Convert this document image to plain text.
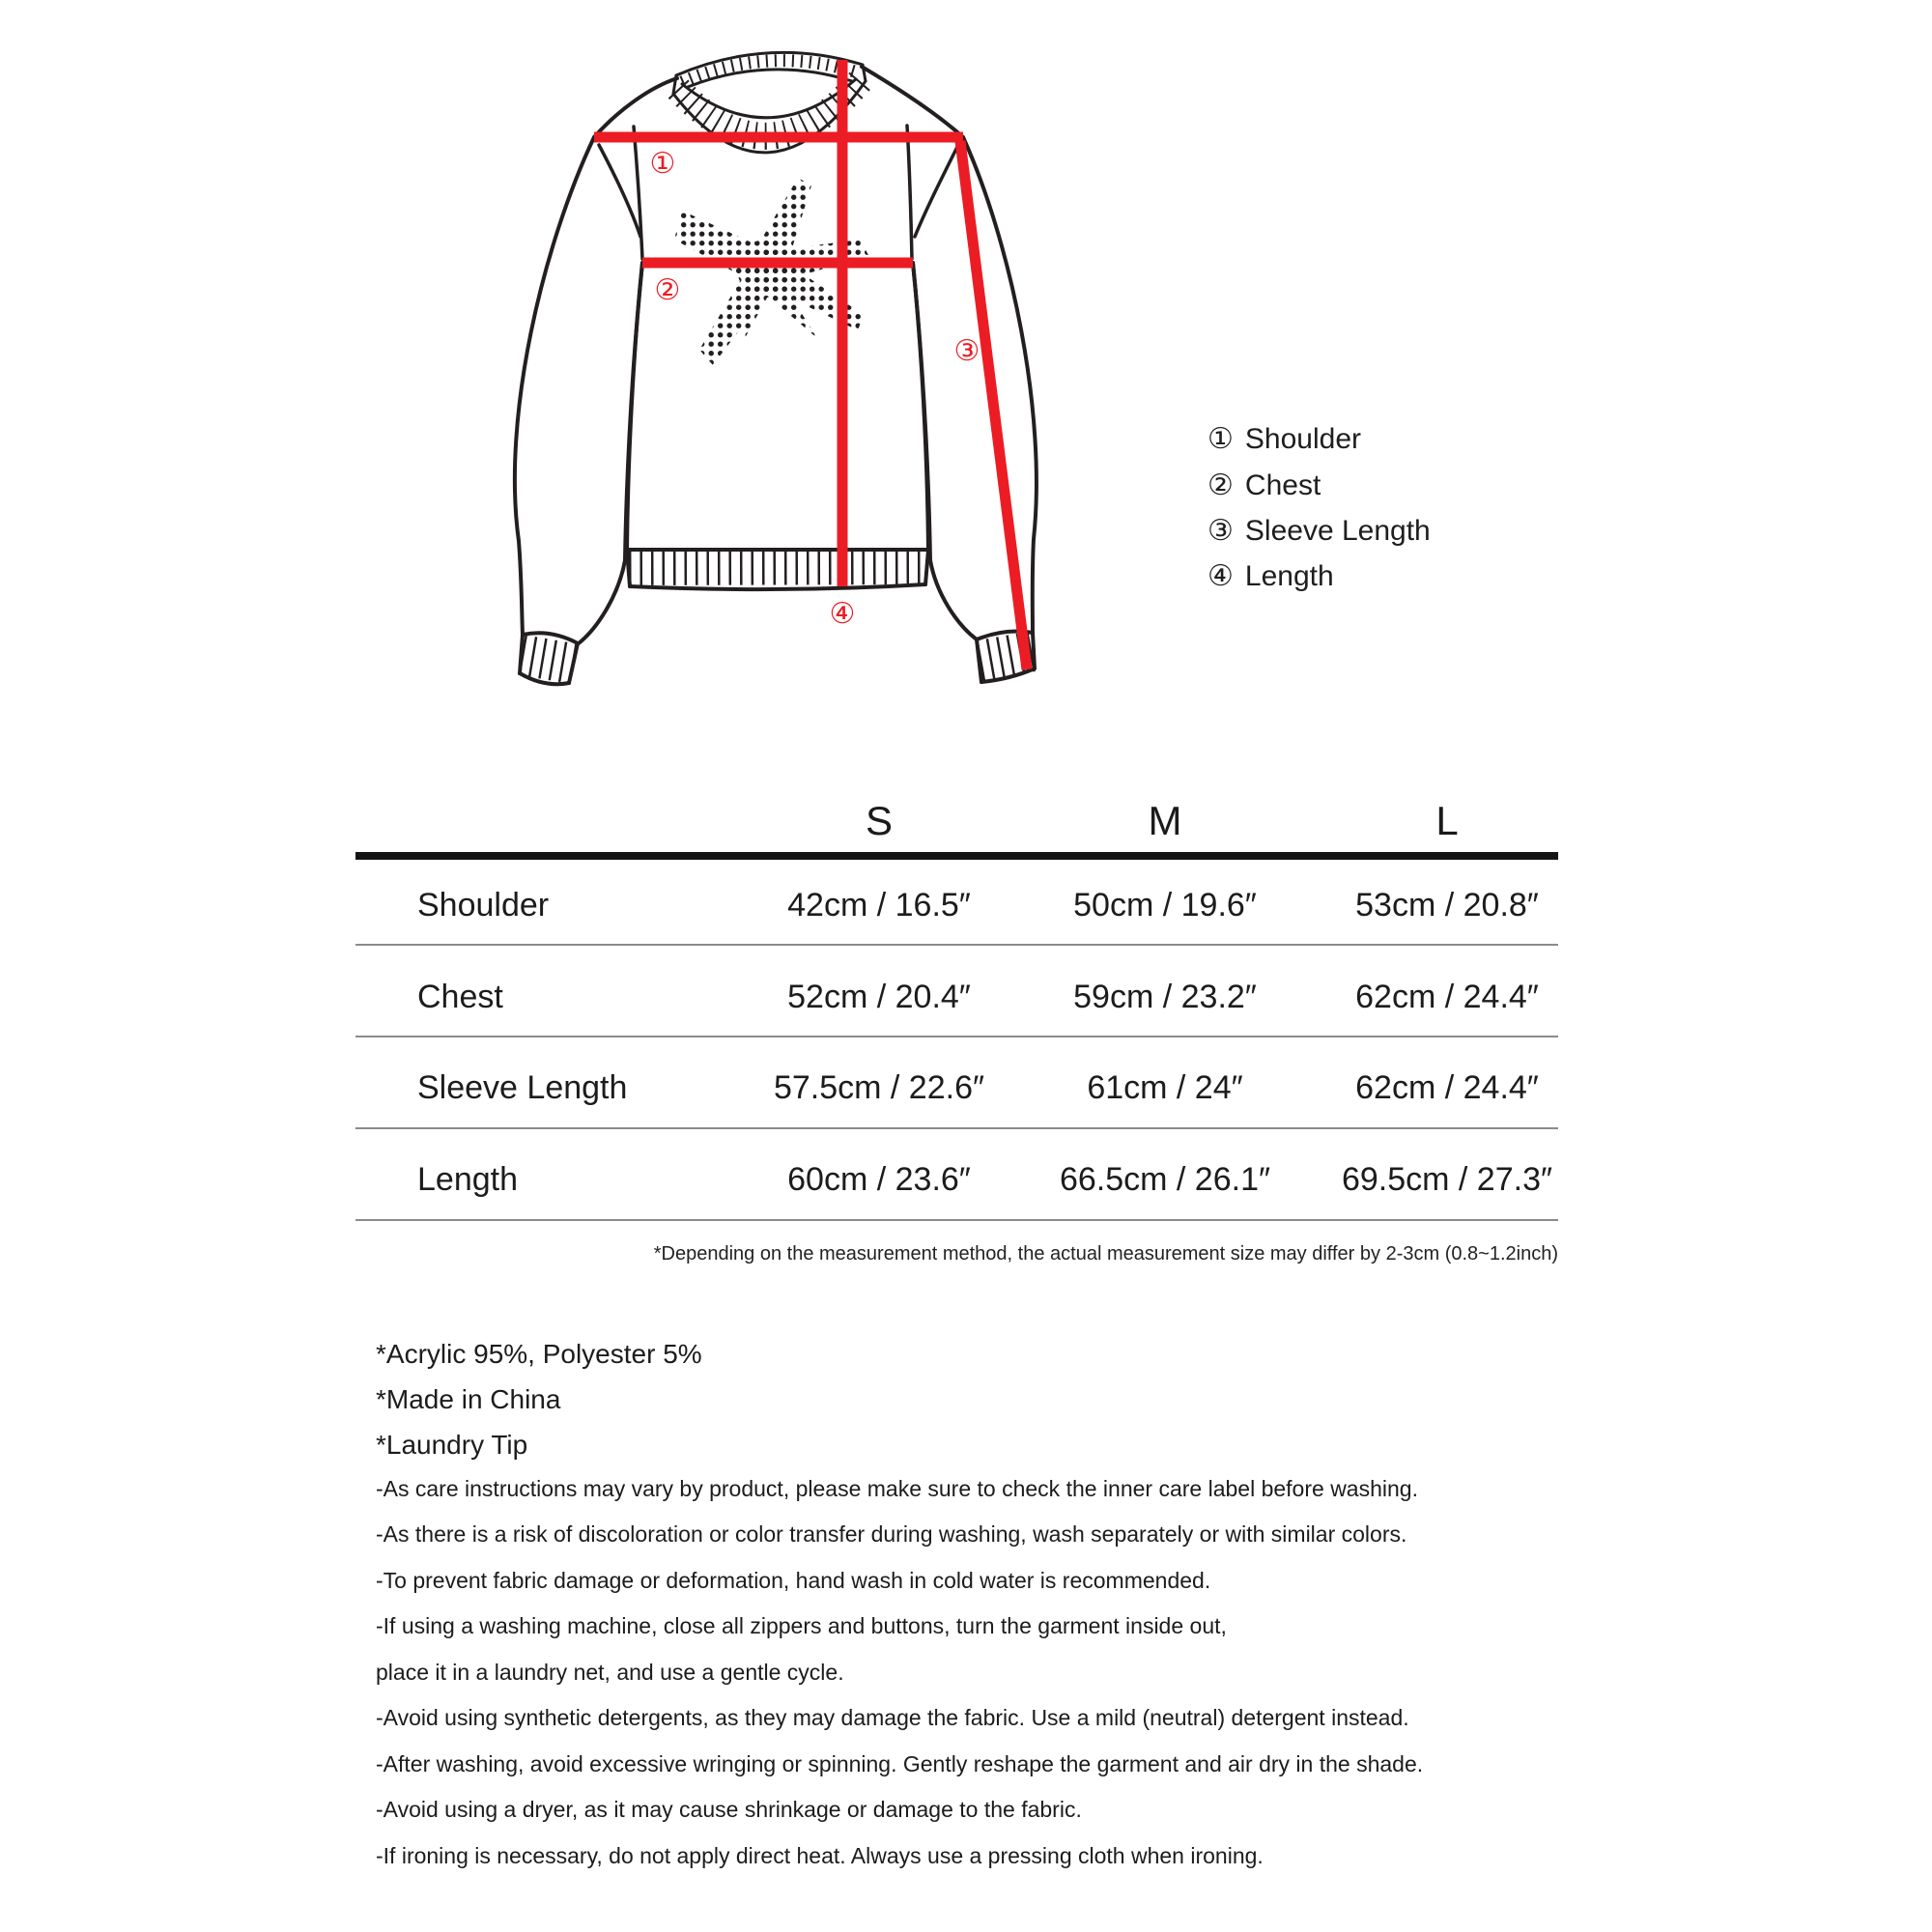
①
②
③
④
① Shoulder
② Chest
③ Sleeve Length
④ Length
S	M	L
Shoulder	42cm / 16.5″	50cm / 19.6″	53cm / 20.8″
Chest	52cm / 20.4″	59cm / 23.2″	62cm / 24.4″
Sleeve Length	57.5cm / 22.6″	61cm / 24″	62cm / 24.4″
Length	60cm / 23.6″	66.5cm / 26.1″ 69.5cm / 27.3″
*Depending on the measurement method, the actual measurement size may differ by 2-3cm (0.8~1.2inch)
*Acrylic 95%, Polyester 5%
*Made in China
*Laundry Tip
-As care instructions may vary by product, please make sure to check the inner care label before washing.
-As there is a risk of discoloration or color transfer during washing, wash separately or with similar colors.
-To prevent fabric damage or deformation, hand wash in cold water is recommended.
-If using a washing machine, close all zippers and buttons, turn the garment inside out,
place it in a laundry net, and use a gentle cycle.
-Avoid using synthetic detergents, as they may damage the fabric. Use a mild (neutral) detergent instead.
-After washing, avoid excessive wringing or spinning. Gently reshape the garment and air dry in the shade.
-Avoid using a dryer, as it may cause shrinkage or damage to the fabric.
-If ironing is necessary, do not apply direct heat. Always use a pressing cloth when ironing.
